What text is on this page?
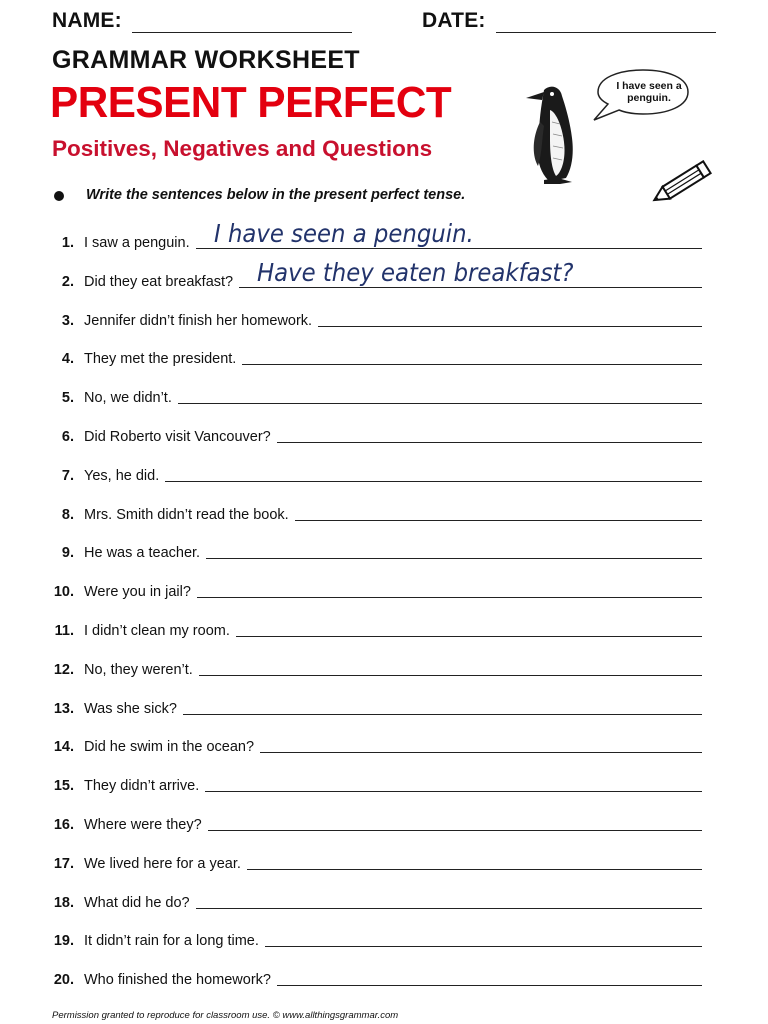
NAME:	DATE:
GRAMMAR WORKSHEET
PRESENT PERFECT
Positives, Negatives and Questions
I have seen a penguin.
Write the sentences below in the present perfect tense.
1. I saw a penguin. I have seen a penguin.
2. Did they eat breakfast? Have they eaten breakfast?
3. Jennifer didn’t finish her homework.
4. They met the president.
5. No, we didn’t.
6. Did Roberto visit Vancouver?
7. Yes, he did.
8. Mrs. Smith didn’t read the book.
9. He was a teacher.
10. Were you in jail?
11. I didn’t clean my room.
12. No, they weren’t.
13. Was she sick?
14. Did he swim in the ocean?
15. They didn’t arrive.
16. Where were they?
17. We lived here for a year.
18. What did he do?
19. It didn’t rain for a long time.
20. Who finished the homework?
Permission granted to reproduce for classroom use. © www.allthingsgrammar.com
